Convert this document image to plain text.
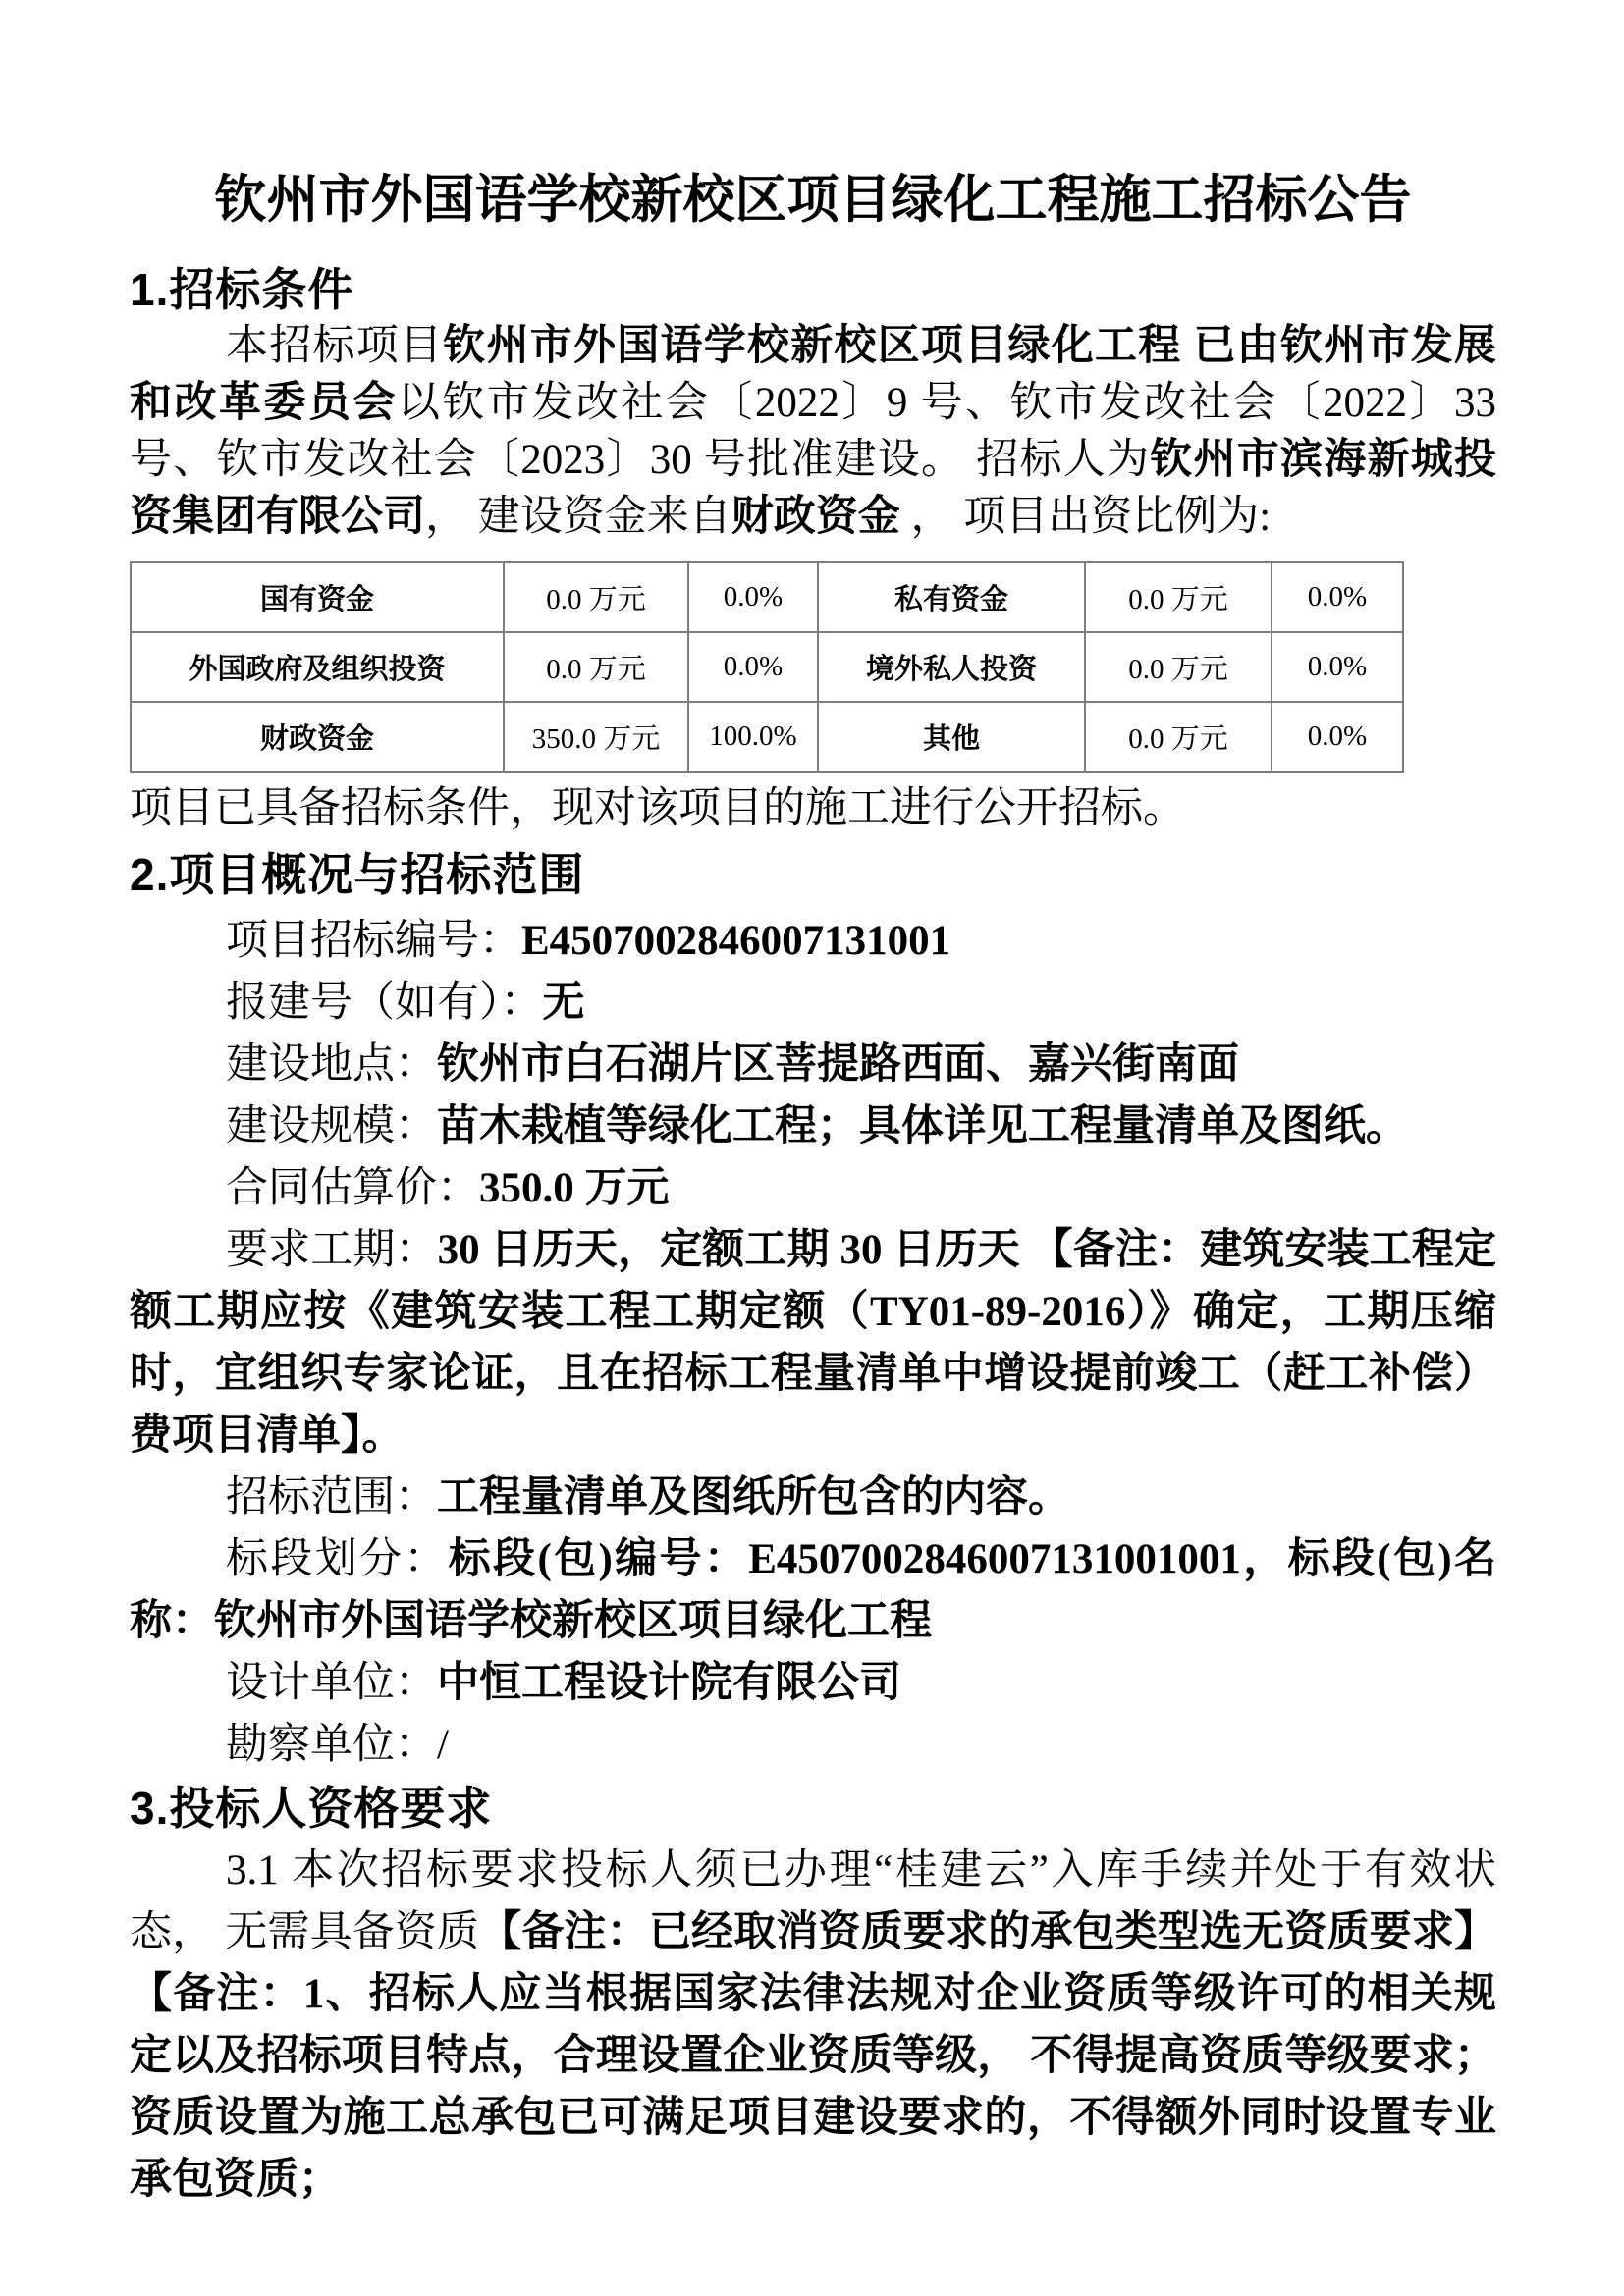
钦州市外国语学校新校区项目绿化工程施工招标公告
1.招标条件

本招标项目钦州市外国语学校新校区项目绿化工程 已由钦州市发展和改革委员会以钦市发改社会〔2022〕9 号、钦市发改社会〔2022〕33 号、钦市发改社会〔2023〕30 号批准建设。 招标人为钦州市滨海新城投资集团有限公司， 建设资金来自财政资金 ， 项目出资比例为:

国有资金	0.0 万元	0.0%	私有资金	0.0 万元	0.0%
外国政府及组织投资	0.0 万元	0.0%	境外私人投资	0.0 万元	0.0%
财政资金	350.0 万元	100.0%	其他	0.0 万元	0.0%

项目已具备招标条件，现对该项目的施工进行公开招标。

2.项目概况与招标范围

项目招标编号：E4507002846007131001

报建号（如有）：无

建设地点：钦州市白石湖片区菩提路西面、嘉兴街南面

建设规模：苗木栽植等绿化工程；具体详见工程量清单及图纸。

合同估算价：350.0 万元

要求工期：30 日历天，定额工期 30 日历天 【备注：建筑安装工程定额工期应按《建筑安装工程工期定额（TY01-89-2016）》确定，工期压缩时，宜组织专家论证，且在招标工程量清单中增设提前竣工（赶工补偿）费项目清单】。

招标范围：工程量清单及图纸所包含的内容。

标段划分：标段(包)编号：E4507002846007131001001，标段(包)名称：钦州市外国语学校新校区项目绿化工程

设计单位：中恒工程设计院有限公司

勘察单位：/

3.投标人资格要求

3.1 本次招标要求投标人须已办理“桂建云”入库手续并处于有效状态， 无需具备资质【备注：已经取消资质要求的承包类型选无资质要求】【备注：1、招标人应当根据国家法律法规对企业资质等级许可的相关规定以及招标项目特点，合理设置企业资质等级， 不得提高资质等级要求；资质设置为施工总承包已可满足项目建设要求的，不得额外同时设置专业承包资质；
